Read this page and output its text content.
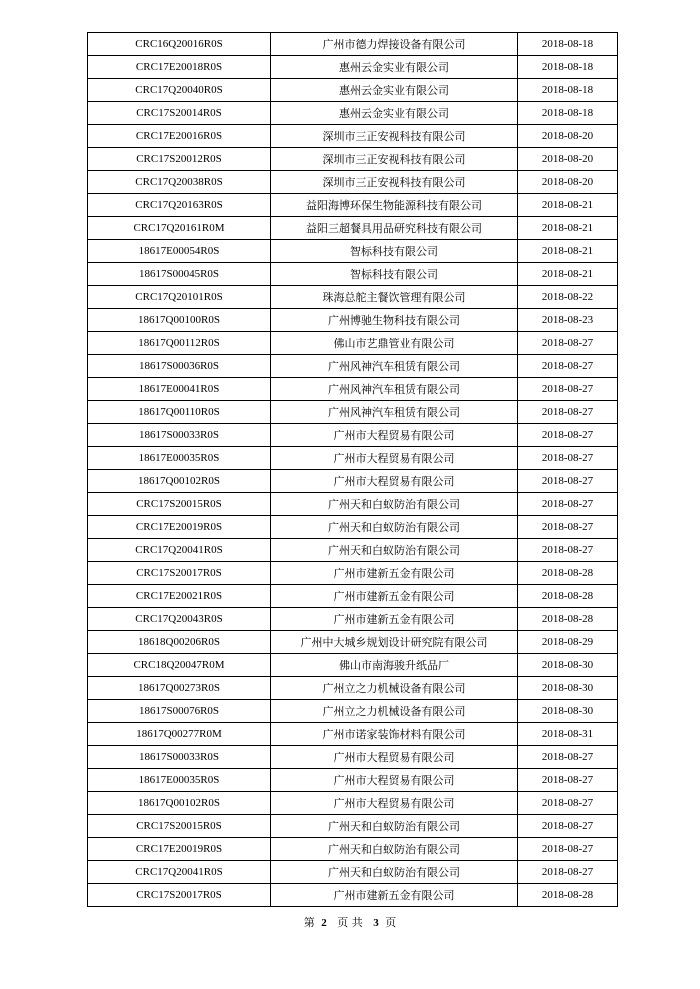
CRC16Q20016R0S	广州市德力焊接设备有限公司	2018-08-18
CRC17E20018R0S	惠州云金实业有限公司	2018-08-18
CRC17Q20040R0S	惠州云金实业有限公司	2018-08-18
CRC17S20014R0S	惠州云金实业有限公司	2018-08-18
CRC17E20016R0S	深圳市三正安视科技有限公司	2018-08-20
CRC17S20012R0S	深圳市三正安视科技有限公司	2018-08-20
CRC17Q20038R0S	深圳市三正安视科技有限公司	2018-08-20
CRC17Q20163R0S	益阳海博环保生物能源科技有限公司	2018-08-21
CRC17Q20161R0M	益阳三超餐具用品研究科技有限公司	2018-08-21
18617E00054R0S	智标科技有限公司	2018-08-21
18617S00045R0S	智标科技有限公司	2018-08-21
CRC17Q20101R0S	珠海总舵主餐饮管理有限公司	2018-08-22
18617Q00100R0S	广州博驰生物科技有限公司	2018-08-23
18617Q00112R0S	佛山市艺鼎管业有限公司	2018-08-27
18617S00036R0S	广州风神汽车租赁有限公司	2018-08-27
18617E00041R0S	广州风神汽车租赁有限公司	2018-08-27
18617Q00110R0S	广州风神汽车租赁有限公司	2018-08-27
18617S00033R0S	广州市大程贸易有限公司	2018-08-27
18617E00035R0S	广州市大程贸易有限公司	2018-08-27
18617Q00102R0S	广州市大程贸易有限公司	2018-08-27
CRC17S20015R0S	广州天和白蚁防治有限公司	2018-08-27
CRC17E20019R0S	广州天和白蚁防治有限公司	2018-08-27
CRC17Q20041R0S	广州天和白蚁防治有限公司	2018-08-27
CRC17S20017R0S	广州市建新五金有限公司	2018-08-28
CRC17E20021R0S	广州市建新五金有限公司	2018-08-28
CRC17Q20043R0S	广州市建新五金有限公司	2018-08-28
18618Q00206R0S	广州中大城乡规划设计研究院有限公司	2018-08-29
CRC18Q20047R0M	佛山市南海骏升纸品厂	2018-08-30
18617Q00273R0S	广州立之力机械设备有限公司	2018-08-30
18617S00076R0S	广州立之力机械设备有限公司	2018-08-30
18617Q00277R0M	广州市诺家装饰材料有限公司	2018-08-31
18617S00033R0S	广州市大程贸易有限公司	2018-08-27
18617E00035R0S	广州市大程贸易有限公司	2018-08-27
18617Q00102R0S	广州市大程贸易有限公司	2018-08-27
CRC17S20015R0S	广州天和白蚁防治有限公司	2018-08-27
CRC17E20019R0S	广州天和白蚁防治有限公司	2018-08-27
CRC17Q20041R0S	广州天和白蚁防治有限公司	2018-08-27
CRC17S20017R0S	广州市建新五金有限公司	2018-08-28
第 2 页 共 3 页
